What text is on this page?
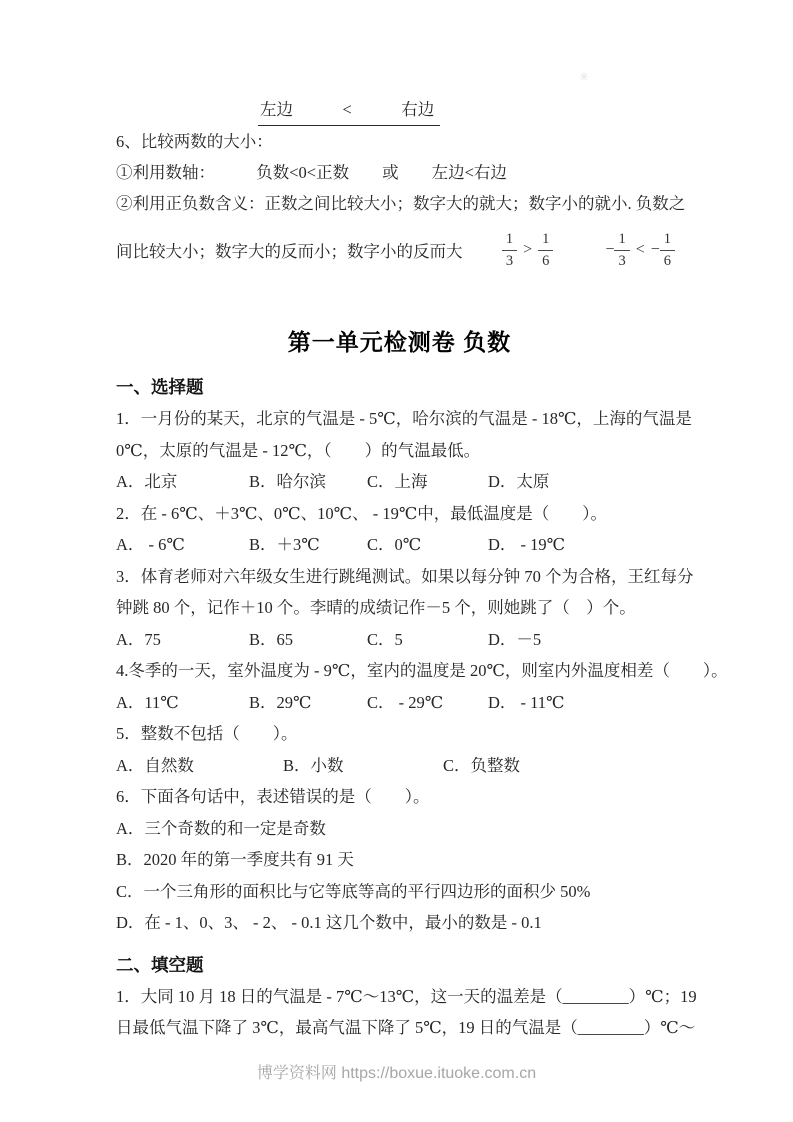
✳
左边　　　<　　　右边
6、比较两数的大小：
①利用数轴：　　　负数<0<正数　　或　　左边<右边
②利用正负数含义：正数之间比较大小；数字大的就大；数字小的就小. 负数之
间比较大小；数字大的反而小；数字小的反而大	$\frac{1}{3} > \frac{1}{6}$	− $\frac{1}{3}$ < − $\frac{1}{6}$
第一单元检测卷 负数
一、选择题
1．一月份的某天，北京的气温是 - 5℃，哈尔滨的气温是 - 18℃，上海的气温是
0℃，太原的气温是 - 12℃，（　　）的气温最低。
A．北京	B．哈尔滨	C．上海	D．太原
2．在 - 6℃、＋3℃、0℃、10℃、 - 19℃中，最低温度是（　　）。
A． - 6℃	B．＋3℃	C．0℃	D． - 19℃
3．体育老师对六年级女生进行跳绳测试。如果以每分钟 70 个为合格，王红每分
钟跳 80 个，记作＋10 个。李晴的成绩记作－5 个，则她跳了（　）个。
A．75	B．65	C．5	D．－5
4.冬季的一天，室外温度为 - 9℃，室内的温度是 20℃，则室内外温度相差（　　）。
A．11℃	B．29℃	C． - 29℃	D． - 11℃
5．整数不包括（　　）。
A．自然数	B．小数	C．负整数
6．下面各句话中，表述错误的是（　　）。
A．三个奇数的和一定是奇数
B．2020 年的第一季度共有 91 天
C．一个三角形的面积比与它等底等高的平行四边形的面积少 50%
D．在 - 1、0、3、 - 2、 - 0.1 这几个数中，最小的数是 - 0.1
二、填空题
1．大同 10 月 18 日的气温是 - 7℃～13℃，这一天的温差是（________）℃；19
日最低气温下降了 3℃，最高气温下降了 5℃，19 日的气温是（________）℃～
博学资料网 https://boxue.ituoke.com.cn
